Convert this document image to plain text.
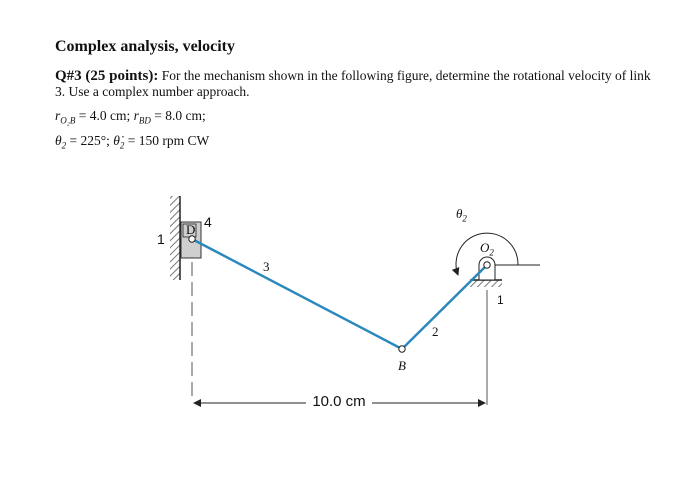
Complex analysis, velocity
Q#3 (25 points): For the mechanism shown in the following figure, determine the rotational velocity of link 3. Use a complex number approach.
$r_{O_2B} = 4.0$ cm; $r_{BD} = 8.0$ cm;
$\theta_2 = 225^\circ$; $\thetȧ_2 = 150$ rpm CW
10.0 cm
D 4
1
3
2
B
$\theta_2$
$O_2$
1
